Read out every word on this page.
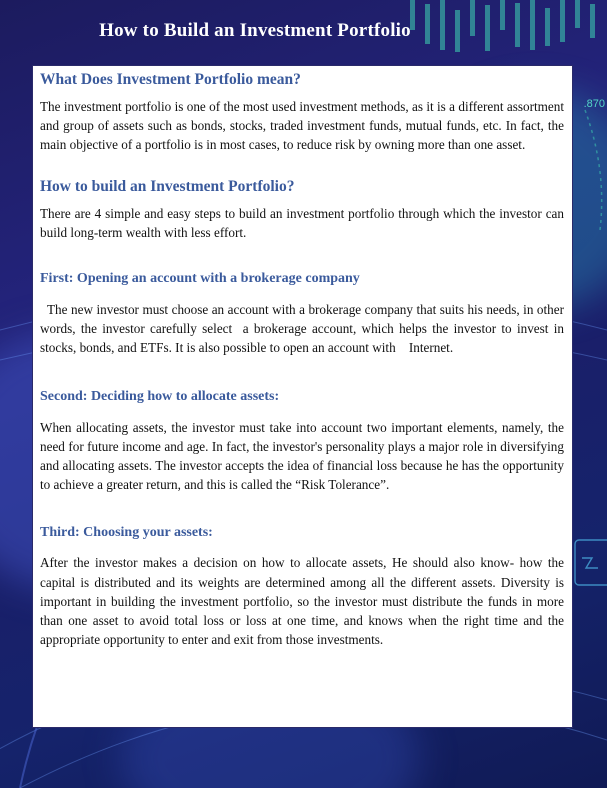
How to Build an Investment Portfolio
.870
What Does Investment Portfolio mean?

The investment portfolio is one of the most used investment methods, as it is a different assortment and group of assets such as bonds, stocks, traded investment funds, mutual funds, etc. In fact, the main objective of a portfolio is in most cases, to reduce risk by owning more than one asset.

How to build an Investment Portfolio?

There are 4 simple and easy steps to build an investment portfolio through which the investor can build long-term wealth with less effort.

First: Opening an account with a brokerage company

The new investor must choose an account with a brokerage company that suits his needs, in other words, the investor carefully select  a brokerage account, which helps the investor to invest in stocks, bonds, and ETFs. It is also possible to open an account with    Internet.

Second: Deciding how to allocate assets:

When allocating assets, the investor must take into account two important elements, namely, the need for future income and age. In fact, the investor's personality plays a major role in diversifying and allocating assets. The investor accepts the idea of financial loss because he has the opportunity to achieve a greater return, and this is called the “Risk Tolerance”.

Third: Choosing your assets:

After the investor makes a decision on how to allocate assets, He should also know- how the capital is distributed and its weights are determined among all the different assets. Diversity is important in building the investment portfolio, so the investor must distribute the funds in more than one asset to avoid total loss or loss at one time, and knows when the right time and the appropriate opportunity to enter and exit from those investments.
